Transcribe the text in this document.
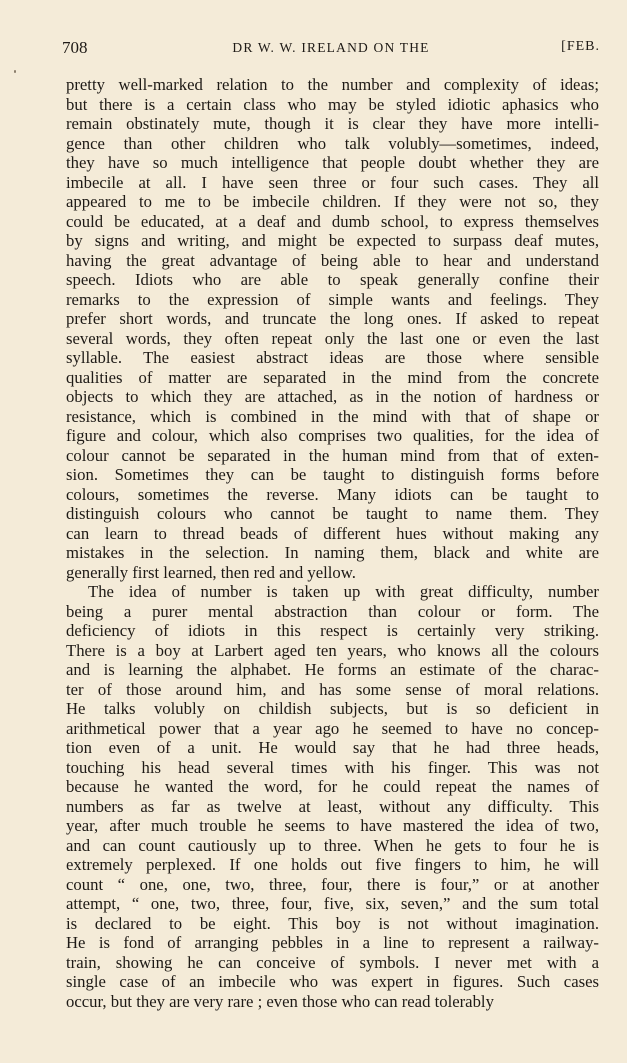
708	DR W. W. IRELAND ON THE	[FEB.
pretty well-marked relation to the number and complexity of ideas;
but there is a certain class who may be styled idiotic aphasics who
remain obstinately mute, though it is clear they have more intelli-
gence than other children who talk volubly—sometimes, indeed,
they have so much intelligence that people doubt whether they are
imbecile at all. I have seen three or four such cases. They all
appeared to me to be imbecile children. If they were not so, they
could be educated, at a deaf and dumb school, to express themselves
by signs and writing, and might be expected to surpass deaf mutes,
having the great advantage of being able to hear and understand
speech. Idiots who are able to speak generally confine their
remarks to the expression of simple wants and feelings. They
prefer short words, and truncate the long ones. If asked to repeat
several words, they often repeat only the last one or even the last
syllable. The easiest abstract ideas are those where sensible
qualities of matter are separated in the mind from the concrete
objects to which they are attached, as in the notion of hardness or
resistance, which is combined in the mind with that of shape or
figure and colour, which also comprises two qualities, for the idea of
colour cannot be separated in the human mind from that of exten-
sion. Sometimes they can be taught to distinguish forms before
colours, sometimes the reverse. Many idiots can be taught to
distinguish colours who cannot be taught to name them. They
can learn to thread beads of different hues without making any
mistakes in the selection. In naming them, black and white are
generally first learned, then red and yellow.
The idea of number is taken up with great difficulty, number
being a purer mental abstraction than colour or form. The
deficiency of idiots in this respect is certainly very striking.
There is a boy at Larbert aged ten years, who knows all the colours
and is learning the alphabet. He forms an estimate of the charac-
ter of those around him, and has some sense of moral relations.
He talks volubly on childish subjects, but is so deficient in
arithmetical power that a year ago he seemed to have no concep-
tion even of a unit. He would say that he had three heads,
touching his head several times with his finger. This was not
because he wanted the word, for he could repeat the names of
numbers as far as twelve at least, without any difficulty. This
year, after much trouble he seems to have mastered the idea of two,
and can count cautiously up to three. When he gets to four he is
extremely perplexed. If one holds out five fingers to him, he will
count “ one, one, two, three, four, there is four,” or at another
attempt, “ one, two, three, four, five, six, seven,” and the sum total
is declared to be eight. This boy is not without imagination.
He is fond of arranging pebbles in a line to represent a railway-
train, showing he can conceive of symbols. I never met with a
single case of an imbecile who was expert in figures. Such cases
occur, but they are very rare ; even those who can read tolerably
